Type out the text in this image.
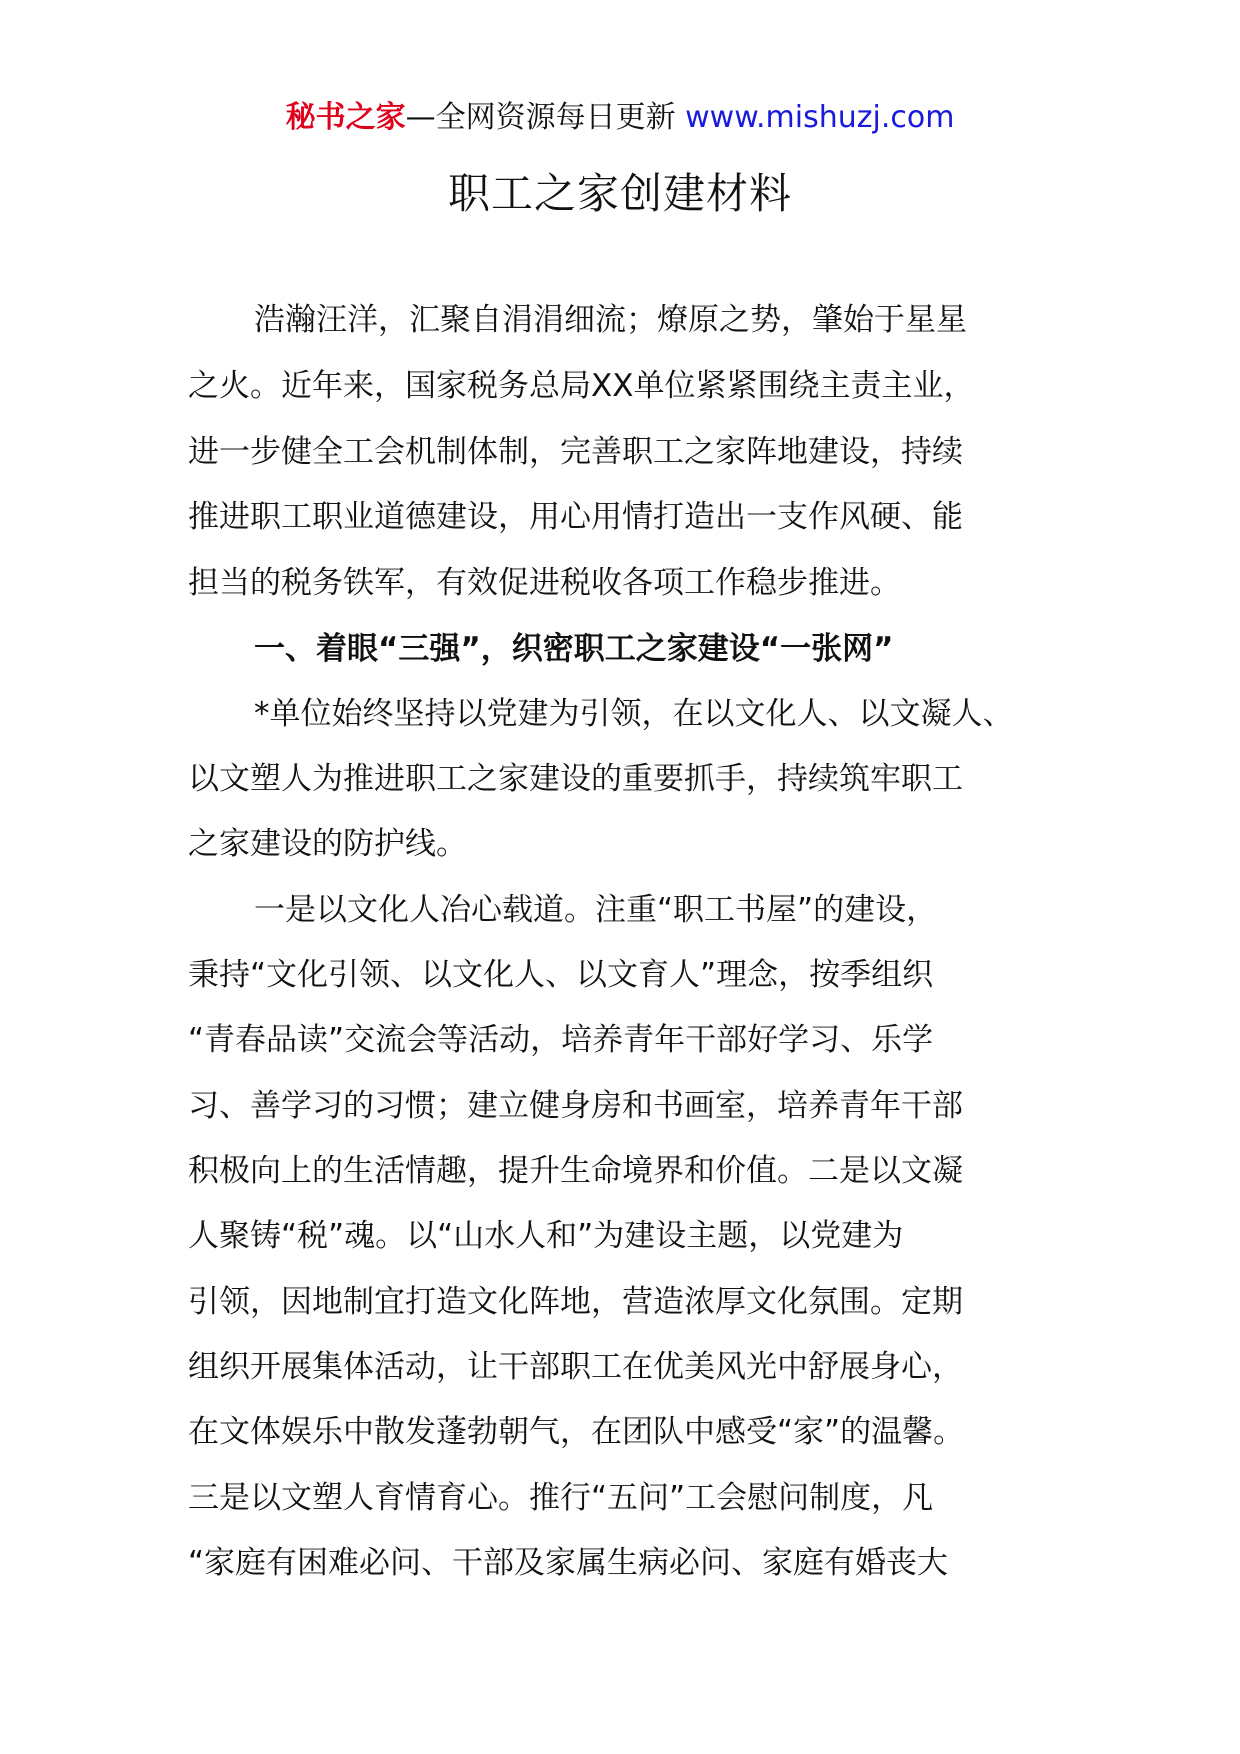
秘书之家—全网资源每日更新 www.mishuzj.com
职工之家创建材料
浩瀚汪洋，汇聚自涓涓细流；燎原之势，肇始于星星
之火。近年来，国家税务总局XX单位紧紧围绕主责主业，
进一步健全工会机制体制，完善职工之家阵地建设，持续
推进职工职业道德建设，用心用情打造出一支作风硬、能
担当的税务铁军，有效促进税收各项工作稳步推进。
一、着眼“三强”，织密职工之家建设“一张网”
*单位始终坚持以党建为引领，在以文化人、以文凝人、
以文塑人为推进职工之家建设的重要抓手，持续筑牢职工
之家建设的防护线。
一是以文化人冶心载道。注重“职工书屋”的建设，
秉持“文化引领、以文化人、以文育人”理念，按季组织
“青春品读”交流会等活动，培养青年干部好学习、乐学
习、善学习的习惯；建立健身房和书画室，培养青年干部
积极向上的生活情趣，提升生命境界和价值。二是以文凝
人聚铸“税”魂。以“山水人和”为建设主题，以党建为
引领，因地制宜打造文化阵地，营造浓厚文化氛围。定期
组织开展集体活动，让干部职工在优美风光中舒展身心，
在文体娱乐中散发蓬勃朝气，在团队中感受“家”的温馨。
三是以文塑人育情育心。推行“五问”工会慰问制度，凡
“家庭有困难必问、干部及家属生病必问、家庭有婚丧大
